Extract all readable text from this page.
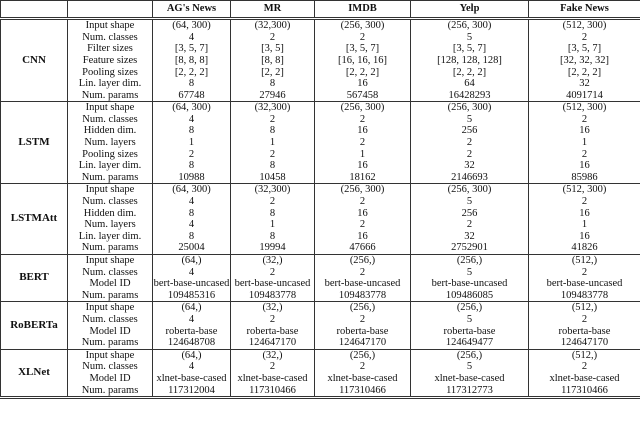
		AG's News	MR	IMDB	Yelp	Fake News
CNN	Input shape	(64, 300)	(32,300)	(256, 300)	(256, 300)	(512, 300)
	Num. classes	4	2	2	5	2
	Filter sizes	[3, 5, 7]	[3, 5]	[3, 5, 7]	[3, 5, 7]	[3, 5, 7]
	Feature sizes	[8, 8, 8]	[8, 8]	[16, 16, 16]	[128, 128, 128]	[32, 32, 32]
	Pooling sizes	[2, 2, 2]	[2, 2]	[2, 2, 2]	[2, 2, 2]	[2, 2, 2]
	Lin. layer dim.	8	8	16	64	32
	Num. params	67748	27946	567458	16428293	4091714
LSTM	Input shape	(64, 300)	(32,300)	(256, 300)	(256, 300)	(512, 300)
	Num. classes	4	2	2	5	2
	Hidden dim.	8	8	16	256	16
	Num. layers	1	1	2	2	1
	Pooling sizes	2	2	1	2	2
	Lin. layer dim.	8	8	16	32	16
	Num. params	10988	10458	18162	2146693	85986
LSTMAtt	Input shape	(64, 300)	(32,300)	(256, 300)	(256, 300)	(512, 300)
	Num. classes	4	2	2	5	2
	Hidden dim.	8	8	16	256	16
	Num. layers	4	1	2	2	1
	Lin. layer dim.	8	8	16	32	16
	Num. params	25004	19994	47666	2752901	41826
BERT	Input shape	(64,)	(32,)	(256,)	(256,)	(512,)
	Num. classes	4	2	2	5	2
	Model ID	bert-base-uncased	bert-base-uncased	bert-base-uncased	bert-base-uncased	bert-base-uncased
	Num. params	109485316	109483778	109483778	109486085	109483778
RoBERTa	Input shape	(64,)	(32,)	(256,)	(256,)	(512,)
	Num. classes	4	2	2	5	2
	Model ID	roberta-base	roberta-base	roberta-base	roberta-base	roberta-base
	Num. params	124648708	124647170	124647170	124649477	124647170
XLNet	Input shape	(64,)	(32,)	(256,)	(256,)	(512,)
	Num. classes	4	2	2	5	2
	Model ID	xlnet-base-cased	xlnet-base-cased	xlnet-base-cased	xlnet-base-cased	xlnet-base-cased
	Num. params	117312004	117310466	117310466	117312773	117310466
